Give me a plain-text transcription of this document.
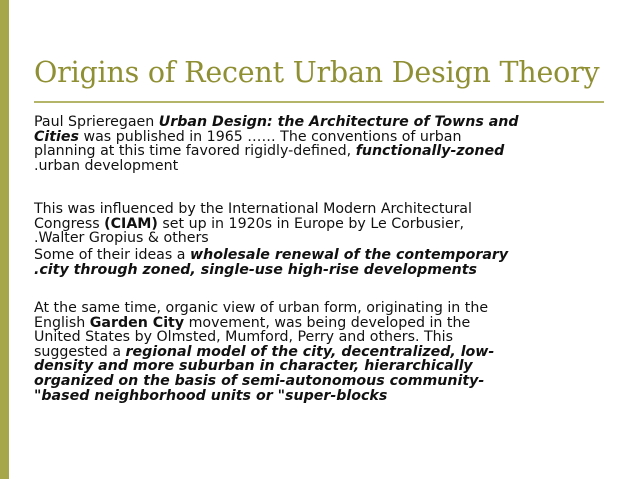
Origins of Recent Urban Design Theory
Paul Sprieregaen Urban Design: the Architecture of Towns and
Cities was published in 1965 …… The conventions of urban
planning at this time favored rigidly-defined, functionally-zoned
.urban development
This was influenced by the International Modern Architectural
Congress (CIAM) set up in 1920s in Europe by Le Corbusier,
.Walter Gropius & others
Some of their ideas a wholesale renewal of the contemporary
.city through zoned, single-use high-rise developments
At the same time, organic view of urban form, originating in the
English Garden City movement, was being developed in the
United States by Olmsted, Mumford, Perry and others. This
suggested a regional model of the city, decentralized, low-
density and more suburban in character, hierarchically
organized on the basis of semi-autonomous community-
"based neighborhood units or "super-blocks
